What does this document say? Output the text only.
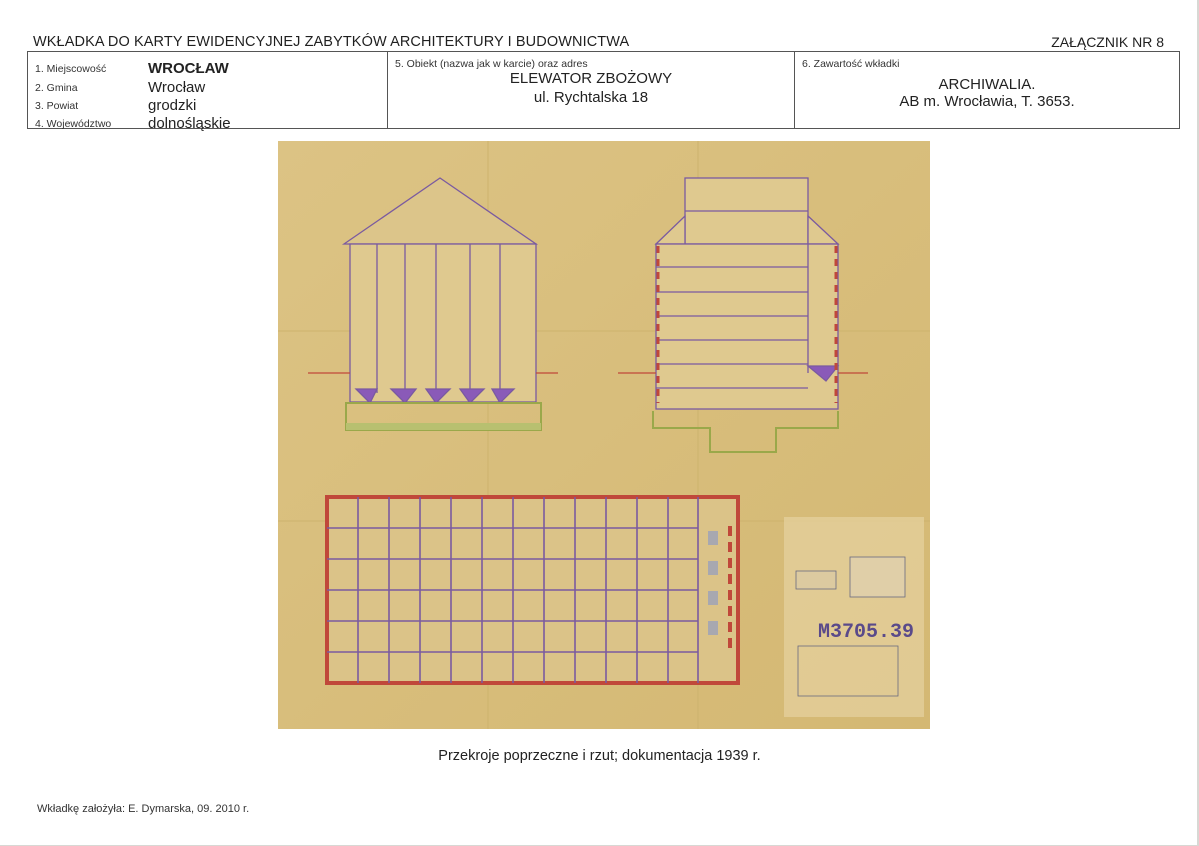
WKŁADKA DO KARTY EWIDENCYJNEJ ZABYTKÓW ARCHITEKTURY I BUDOWNICTWA	ZAŁĄCZNIK NR 8
1. Miejscowość	WROCŁAW
2. Gmina	Wrocław
3. Powiat	grodzki
4. Województwo dolnośląskie
5. Obiekt (nazwa jak w karcie) oraz adres
ELEWATOR ZBOŻOWY
ul. Rychtalska 18
6. Zawartość wkładki
ARCHIWALIA.
AB m. Wrocławia, T. 3653.
M3705.39
Przekroje poprzeczne i rzut; dokumentacja 1939 r.
Wkładkę założyła: E. Dymarska, 09. 2010 r.
